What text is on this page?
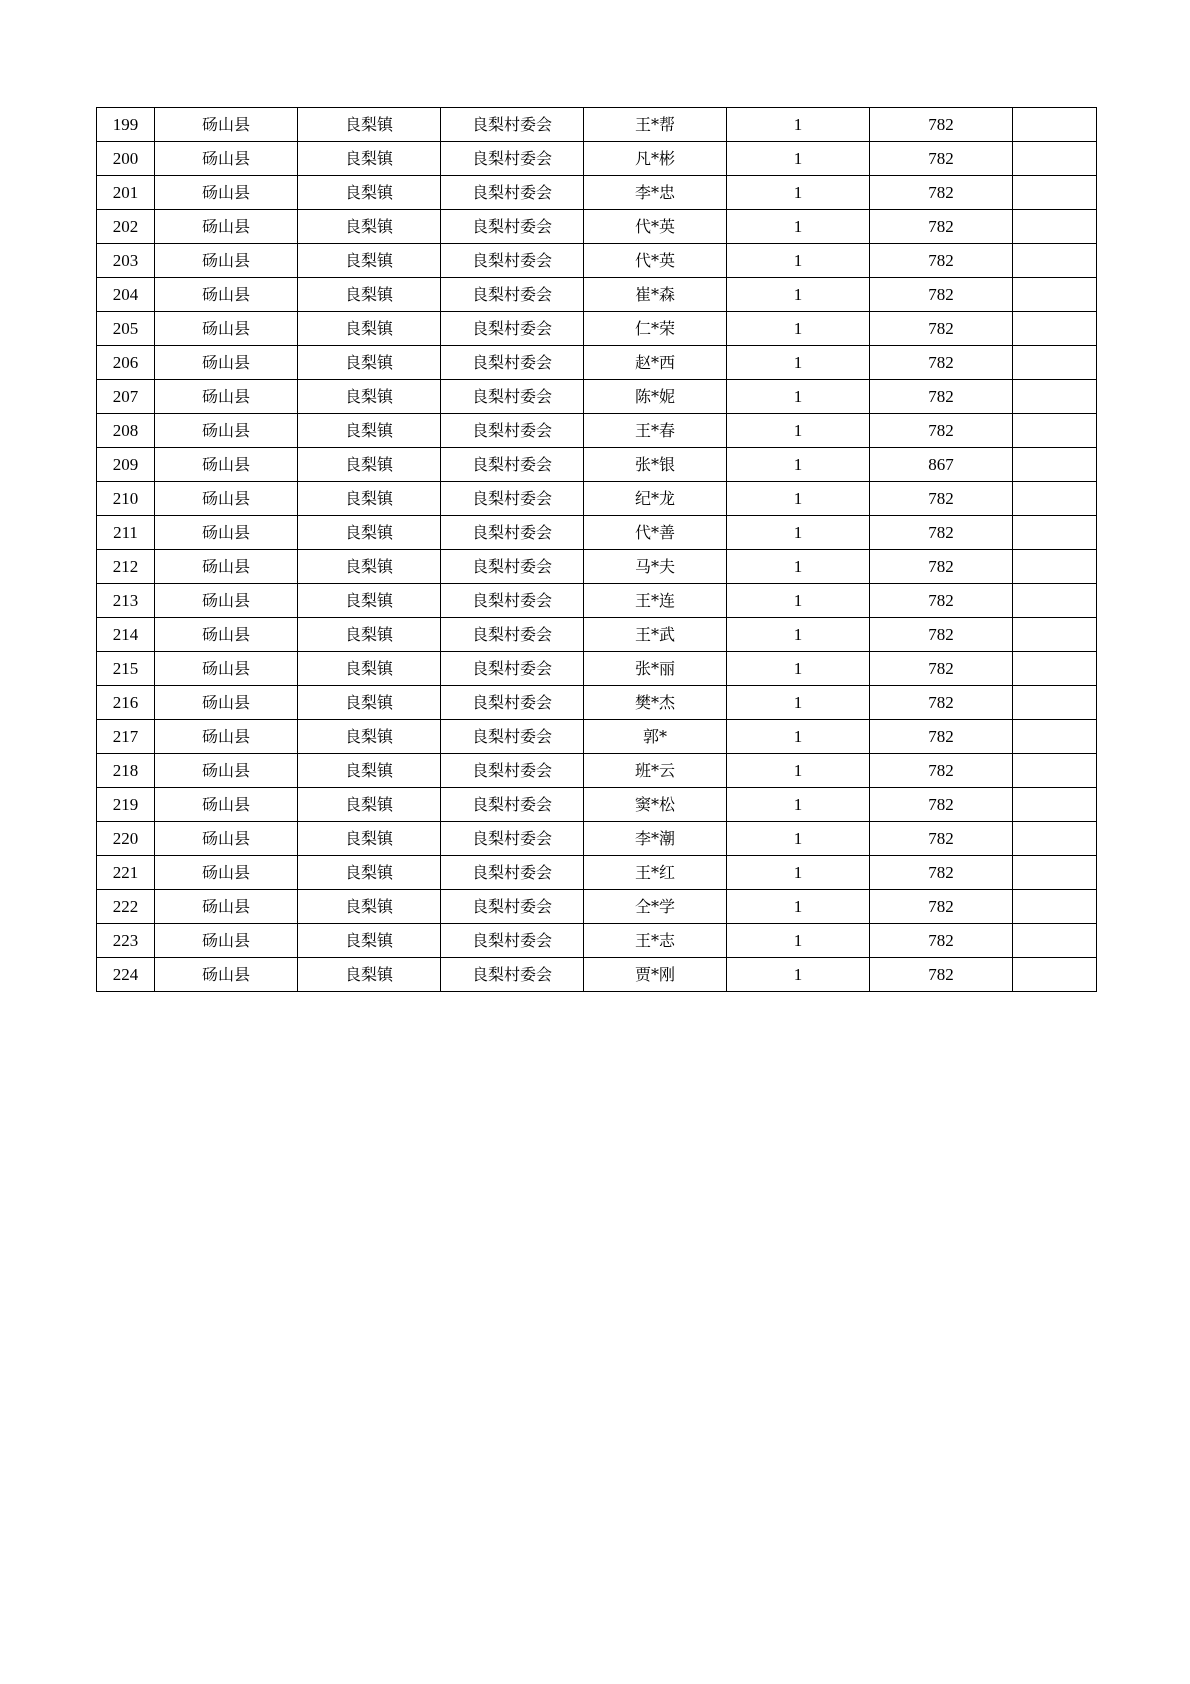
199	砀山县	良梨镇	良梨村委会	王*帮	1	782	
200	砀山县	良梨镇	良梨村委会	凡*彬	1	782	
201	砀山县	良梨镇	良梨村委会	李*忠	1	782	
202	砀山县	良梨镇	良梨村委会	代*英	1	782	
203	砀山县	良梨镇	良梨村委会	代*英	1	782	
204	砀山县	良梨镇	良梨村委会	崔*森	1	782	
205	砀山县	良梨镇	良梨村委会	仁*荣	1	782	
206	砀山县	良梨镇	良梨村委会	赵*西	1	782	
207	砀山县	良梨镇	良梨村委会	陈*妮	1	782	
208	砀山县	良梨镇	良梨村委会	王*春	1	782	
209	砀山县	良梨镇	良梨村委会	张*银	1	867	
210	砀山县	良梨镇	良梨村委会	纪*龙	1	782	
211	砀山县	良梨镇	良梨村委会	代*善	1	782	
212	砀山县	良梨镇	良梨村委会	马*夫	1	782	
213	砀山县	良梨镇	良梨村委会	王*连	1	782	
214	砀山县	良梨镇	良梨村委会	王*武	1	782	
215	砀山县	良梨镇	良梨村委会	张*丽	1	782	
216	砀山县	良梨镇	良梨村委会	樊*杰	1	782	
217	砀山县	良梨镇	良梨村委会	郭*	1	782	
218	砀山县	良梨镇	良梨村委会	班*云	1	782	
219	砀山县	良梨镇	良梨村委会	窦*松	1	782	
220	砀山县	良梨镇	良梨村委会	李*潮	1	782	
221	砀山县	良梨镇	良梨村委会	王*红	1	782	
222	砀山县	良梨镇	良梨村委会	仝*学	1	782	
223	砀山县	良梨镇	良梨村委会	王*志	1	782	
224	砀山县	良梨镇	良梨村委会	贾*刚	1	782	
